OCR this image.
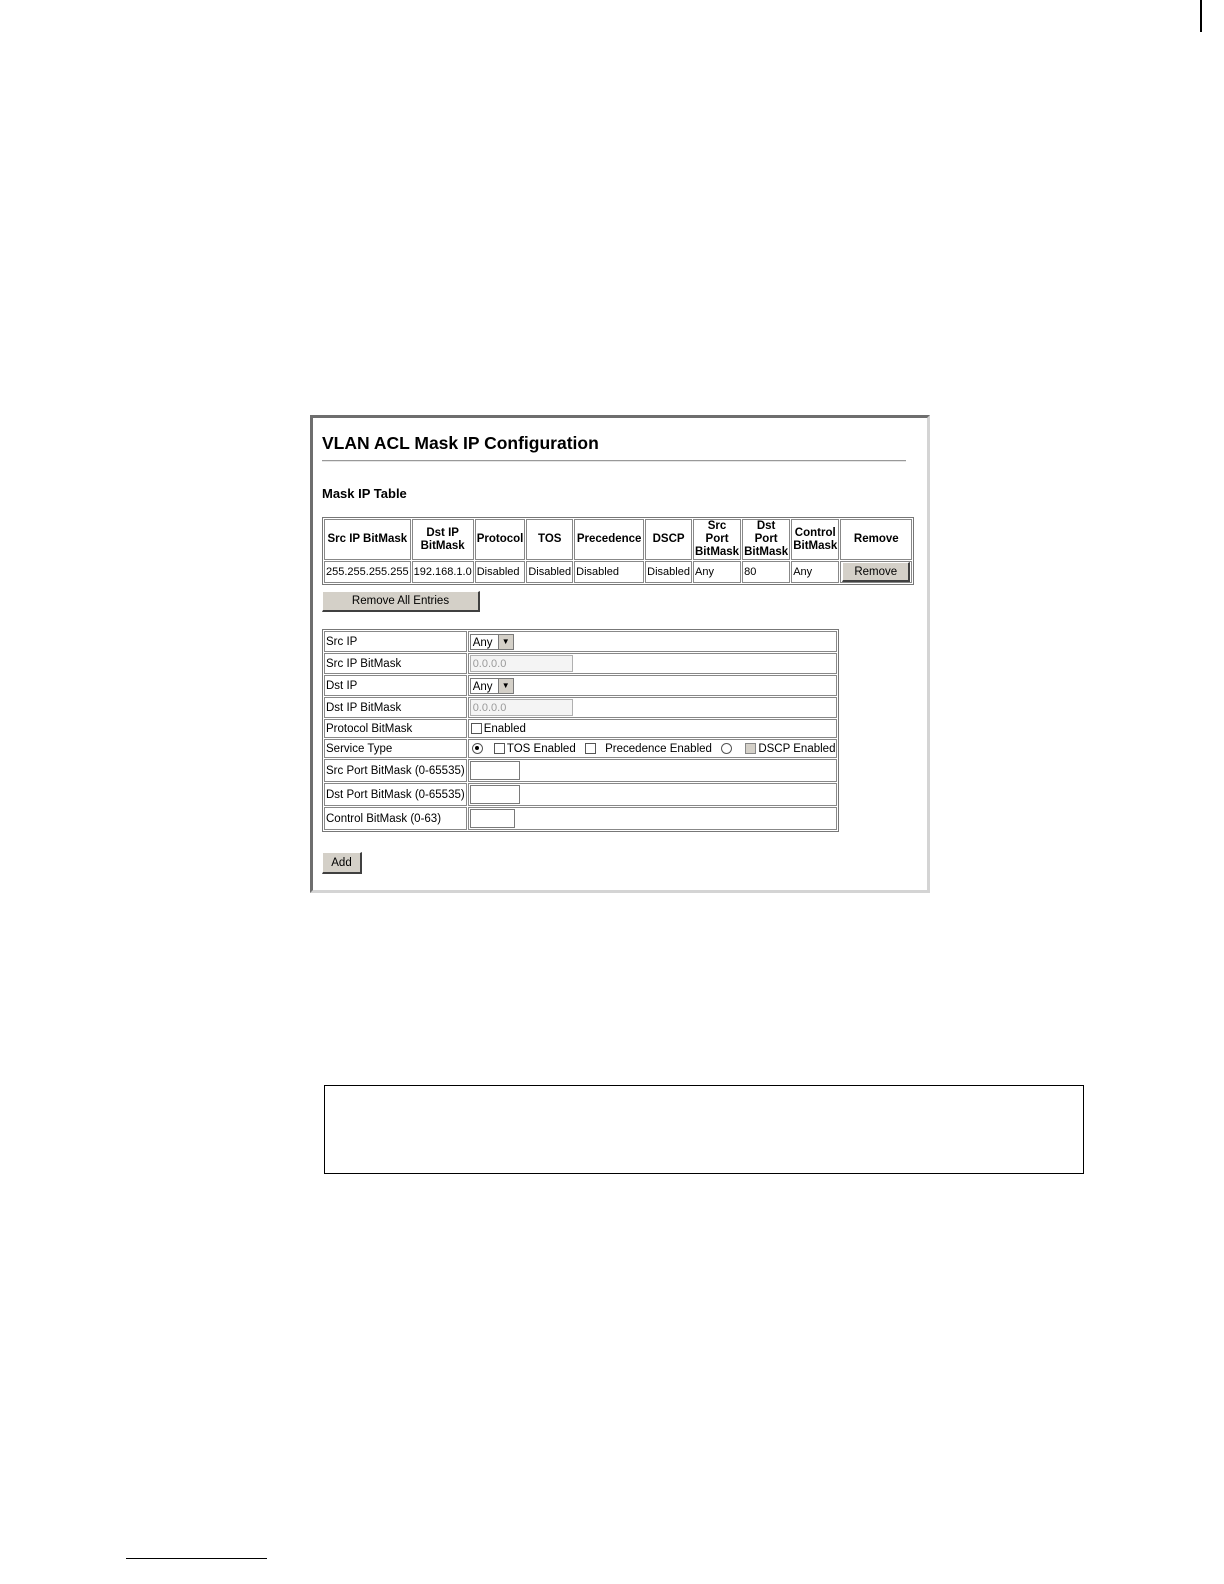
VLAN ACL Mask IP Configuration
Mask IP Table
Src IP BitMask	Dst IP BitMask	Protocol	TOS	Precedence	DSCP	Src Port BitMask	Dst Port BitMask	Control BitMask	Remove
255.255.255.255	192.168.1.0	Disabled	Disabled	Disabled	Disabled	Any	80	Any	Remove
Remove All Entries
Src IP	Any ▼

Src IP BitMask	0.0.0.0
Dst IP	Any ▼

Dst IP BitMask	0.0.0.0
Protocol BitMask	Enabled
Service Type	TOS Enabled Precedence Enabled DSCP Enabled
Src Port BitMask (0-65535)	
Dst Port BitMask (0-65535)	
Control BitMask (0-63)	
Add
